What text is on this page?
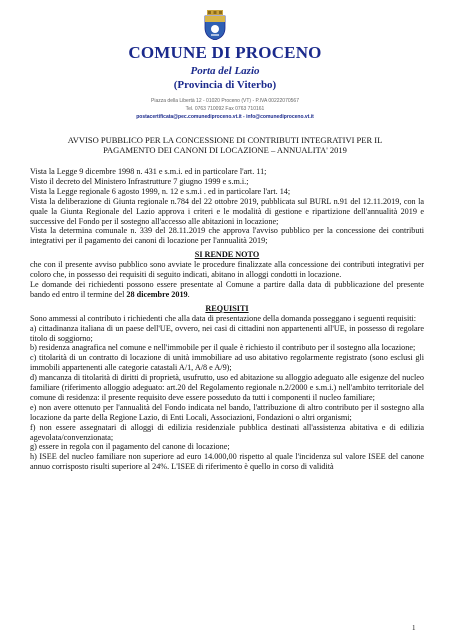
COMUNE DI PROCENO
Porta del Lazio
(Provincia di Viterbo)
Piazza della Libertà 12 - 01020 Proceno (VT) - P.IVA 00222070567
Tel. 0763 710092 Fax 0763 710161
postacertificata@pec.comunediproceno.vt.it - info@comunediproceno.vt.it
AVVISO PUBBLICO PER LA CONCESSIONE DI CONTRIBUTI INTEGRATIVI PER IL
PAGAMENTO DEI CANONI DI LOCAZIONE – ANNUALITA' 2019

Vista la Legge 9 dicembre 1998 n. 431 e s.m.i. ed in particolare l'art. 11;

Visto il decreto del Ministero Infrastrutture 7 giugno 1999 e s.m.i.;

Vista la Legge regionale 6 agosto 1999, n. 12 e s.m.i . ed in particolare l'art. 14;

Vista la deliberazione di Giunta regionale n.784 del 22 ottobre 2019, pubblicata sul BURL n.91 del 12.11.2019, con la quale la Giunta Regionale del Lazio approva i criteri e le modalità di gestione e ripartizione dell'annualità 2019 e successive del Fondo per il sostegno all'accesso alle abitazioni in locazione;

Vista la determina comunale n. 339 del 28.11.2019 che approva l'avviso pubblico per la concessione dei contributi integrativi per il pagamento dei canoni di locazione per l'annualità 2019;

SI RENDE NOTO

che con il presente avviso pubblico sono avviate le procedure finalizzate alla concessione dei contributi integrativi per coloro che, in possesso dei requisiti di seguito indicati, abitano in alloggi condotti in locazione.

Le domande dei richiedenti possono essere presentate al Comune a partire dalla data di pubblicazione del presente bando ed entro il termine del 28 dicembre 2019.

REQUISITI

Sono ammessi al contributo i richiedenti che alla data di presentazione della domanda posseggano i seguenti requisiti:

a) cittadinanza italiana di un paese dell'UE, ovvero, nei casi di cittadini non appartenenti all'UE, in possesso di regolare titolo di soggiorno;

b) residenza anagrafica nel comune e nell'immobile per il quale è richiesto il contributo per il sostegno alla locazione;

c) titolarità di un contratto di locazione di unità immobiliare ad uso abitativo regolarmente registrato (sono esclusi gli immobili appartenenti alle categorie catastali A/1, A/8 e A/9);

d) mancanza di titolarità di diritti di proprietà, usufrutto, uso ed abitazione su alloggio adeguato alle esigenze del nucleo familiare (riferimento alloggio adeguato: art.20 del Regolamento regionale n.2/2000 e s.m.i.) nell'ambito territoriale del comune di residenza: il presente requisito deve essere posseduto da tutti i componenti il nucleo familiare;

e) non avere ottenuto per l'annualità del Fondo indicata nel bando, l'attribuzione di altro contributo per il sostegno alla locazione da parte della Regione Lazio, di Enti Locali, Associazioni, Fondazioni o altri organismi;

f) non essere assegnatari di alloggi di edilizia residenziale pubblica destinati all'assistenza abitativa e di edilizia agevolata/convenzionata;

g) essere in regola con il pagamento del canone di locazione;

h) ISEE del nucleo familiare non superiore ad euro 14.000,00 rispetto al quale l'incidenza sul valore ISEE del canone annuo corrisposto risulti superiore al 24%. L'ISEE di riferimento è quello in corso di validità

1
